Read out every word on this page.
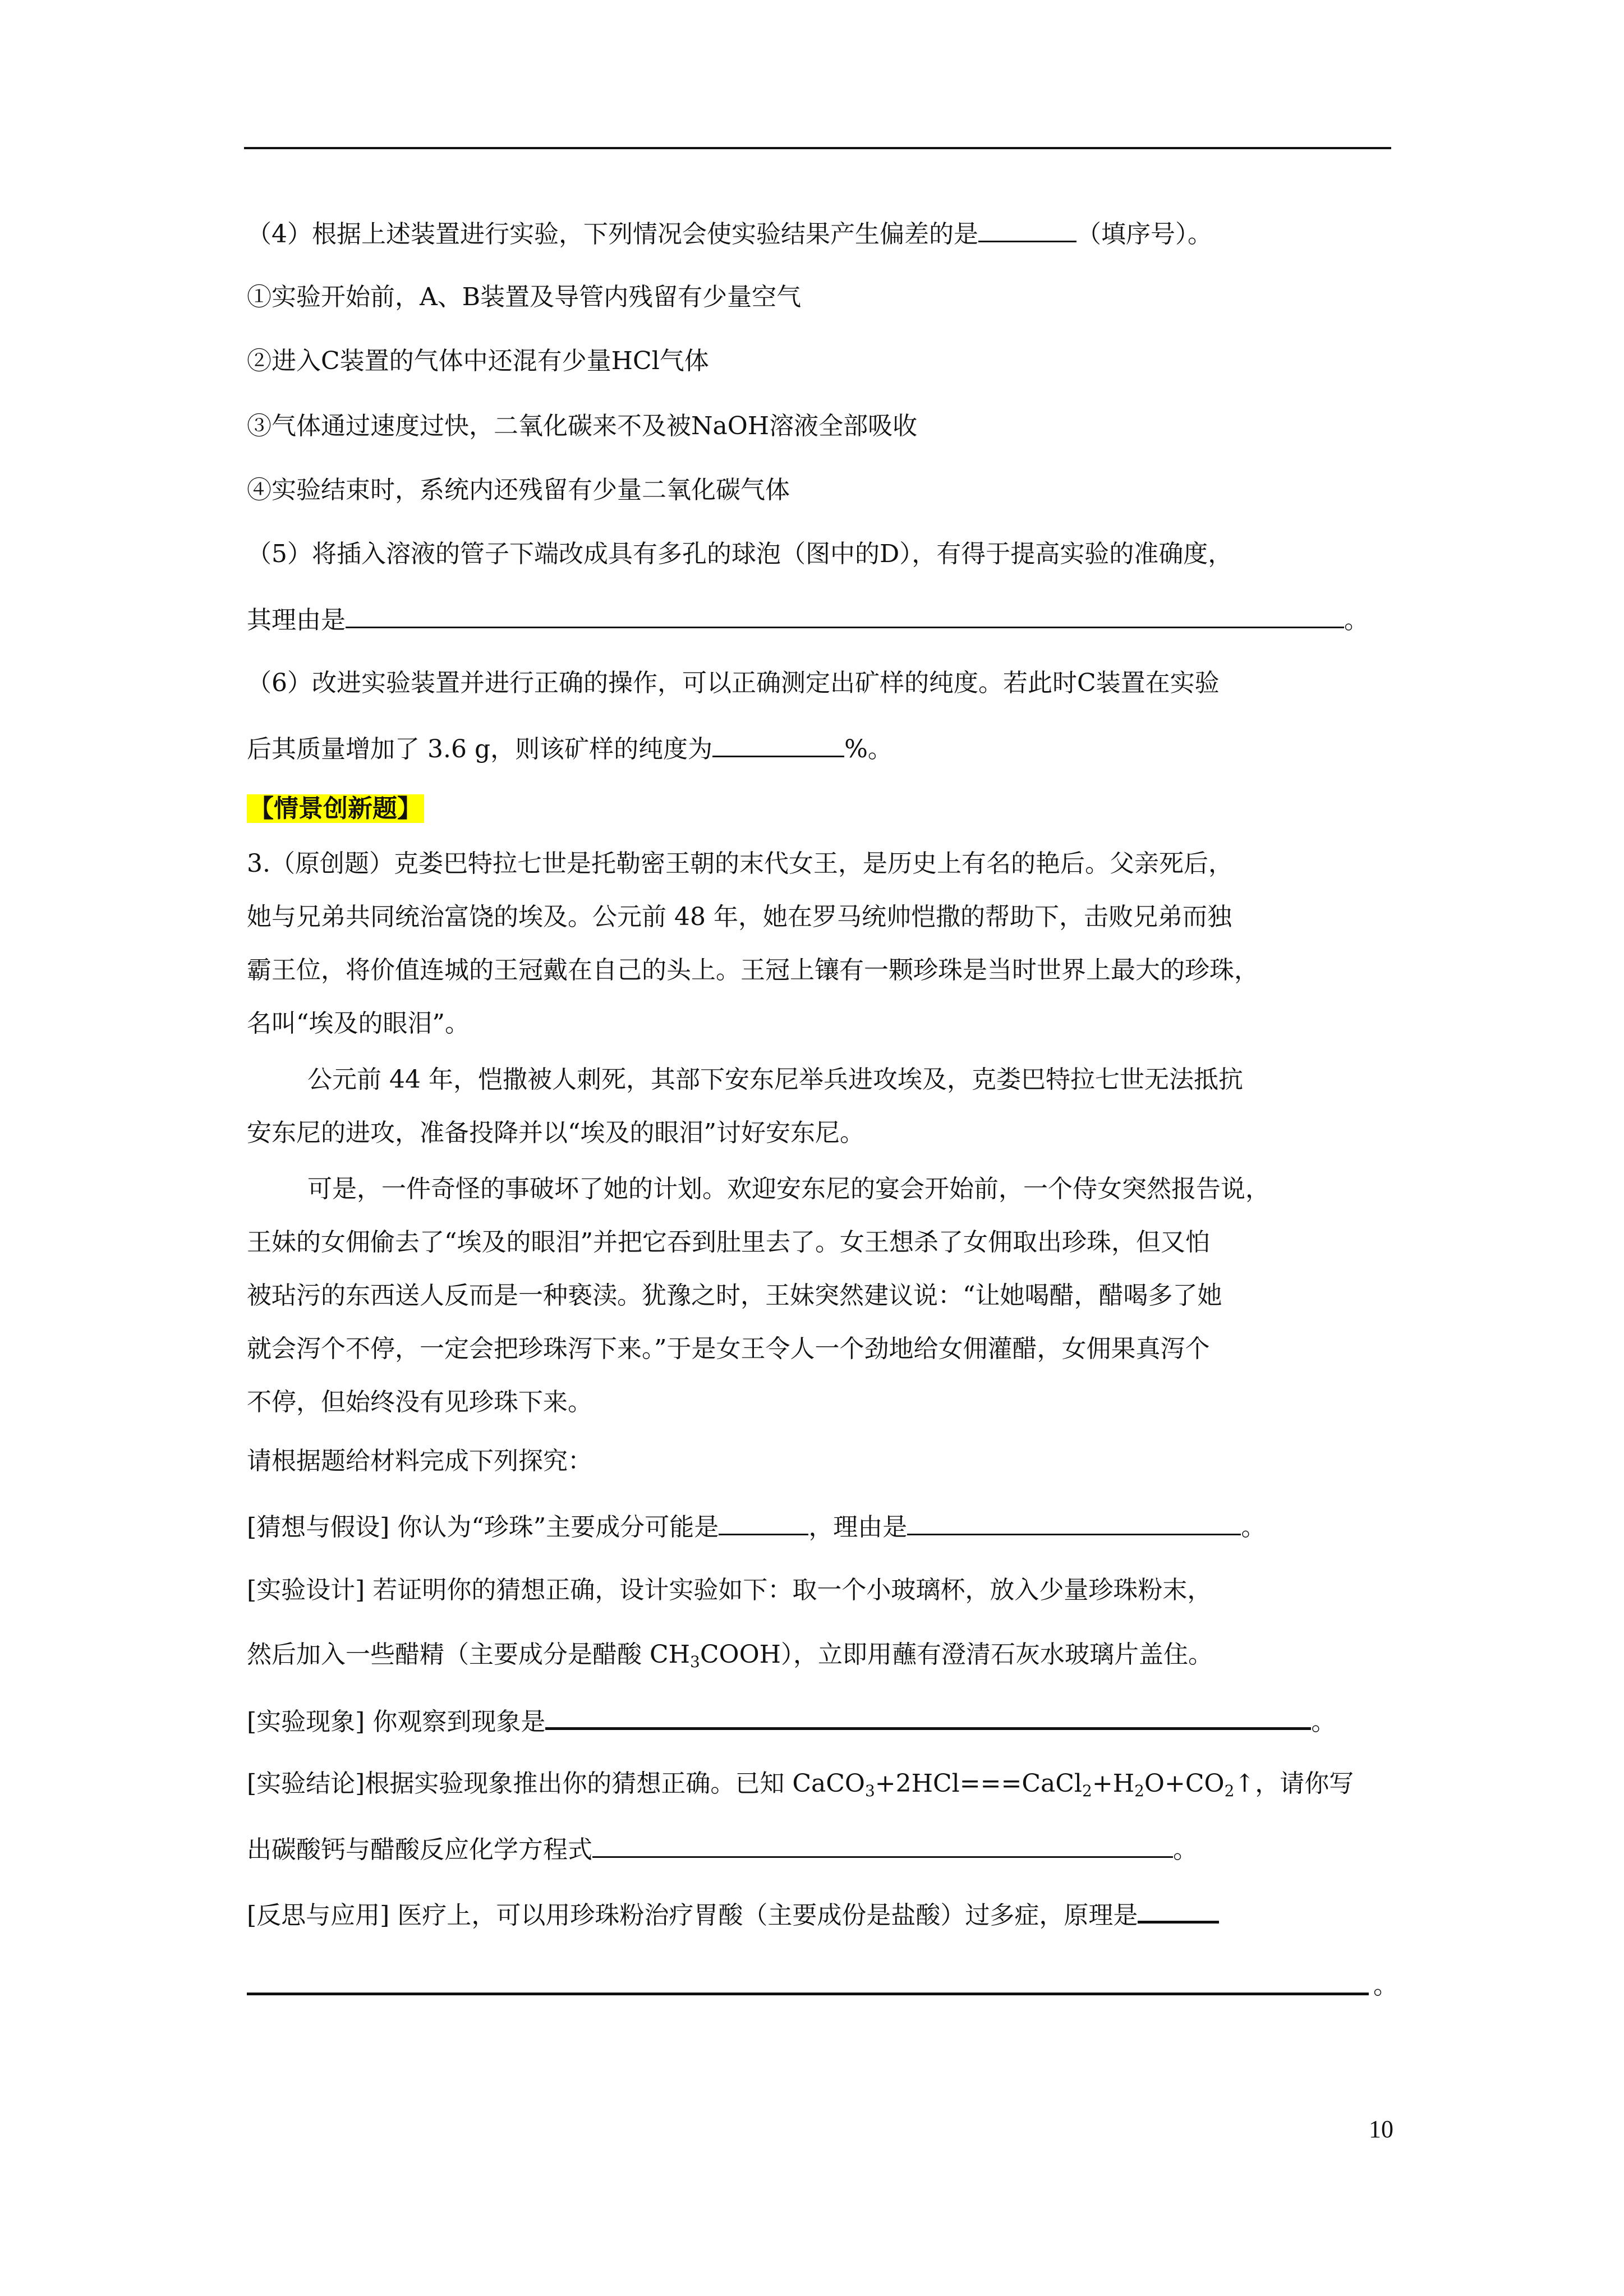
（4）根据上述装置进行实验，下列情况会使实验结果产生偏差的是	（填序号）。
①实验开始前，A、B装置及导管内残留有少量空气
②进入C装置的气体中还混有少量HCl气体
③气体通过速度过快，二氧化碳来不及被NaOH溶液全部吸收
④实验结束时，系统内还残留有少量二氧化碳气体
（5）将插入溶液的管子下端改成具有多孔的球泡（图中的D），有得于提高实验的准确度，
其理由是	。
（6）改进实验装置并进行正确的操作，可以正确测定出矿样的纯度。若此时C装置在实验
后其质量增加了 3.6 g，则该矿样的纯度为	%。
【情景创新题】
3.（原创题）克娄巴特拉七世是托勒密王朝的末代女王，是历史上有名的艳后。父亲死后，
她与兄弟共同统治富饶的埃及。公元前 48 年，她在罗马统帅恺撒的帮助下，击败兄弟而独
霸王位，将价值连城的王冠戴在自己的头上。王冠上镶有一颗珍珠是当时世界上最大的珍珠，
名叫“埃及的眼泪”。
公元前 44 年，恺撒被人刺死，其部下安东尼举兵进攻埃及，克娄巴特拉七世无法抵抗
安东尼的进攻，准备投降并以“埃及的眼泪”讨好安东尼。
可是，一件奇怪的事破坏了她的计划。欢迎安东尼的宴会开始前，一个侍女突然报告说，
王妹的女佣偷去了“埃及的眼泪”并把它吞到肚里去了。女王想杀了女佣取出珍珠，但又怕
被玷污的东西送人反而是一种亵渎。犹豫之时，王妹突然建议说：“让她喝醋，醋喝多了她
就会泻个不停，一定会把珍珠泻下来。”于是女王令人一个劲地给女佣灌醋，女佣果真泻个
不停，但始终没有见珍珠下来。
请根据题给材料完成下列探究：
[猜想与假设] 你认为“珍珠”主要成分可能是	，理由是	。
[实验设计] 若证明你的猜想正确，设计实验如下：取一个小玻璃杯，放入少量珍珠粉末，
然后加入一些醋精（主要成分是醋酸 $CH_3COOH$），立即用蘸有澄清石灰水玻璃片盖住。
[实验现象] 你观察到现象是	。
[实验结论]根据实验现象推出你的猜想正确。已知 $CaCO_3+2HCl===CaCl_2+H_2O+CO_2↑$，请你写
出碳酸钙与醋酸反应化学方程式	。
[反思与应用] 医疗上，可以用珍珠粉治疗胃酸（主要成份是盐酸）过多症，原理是
。
10
